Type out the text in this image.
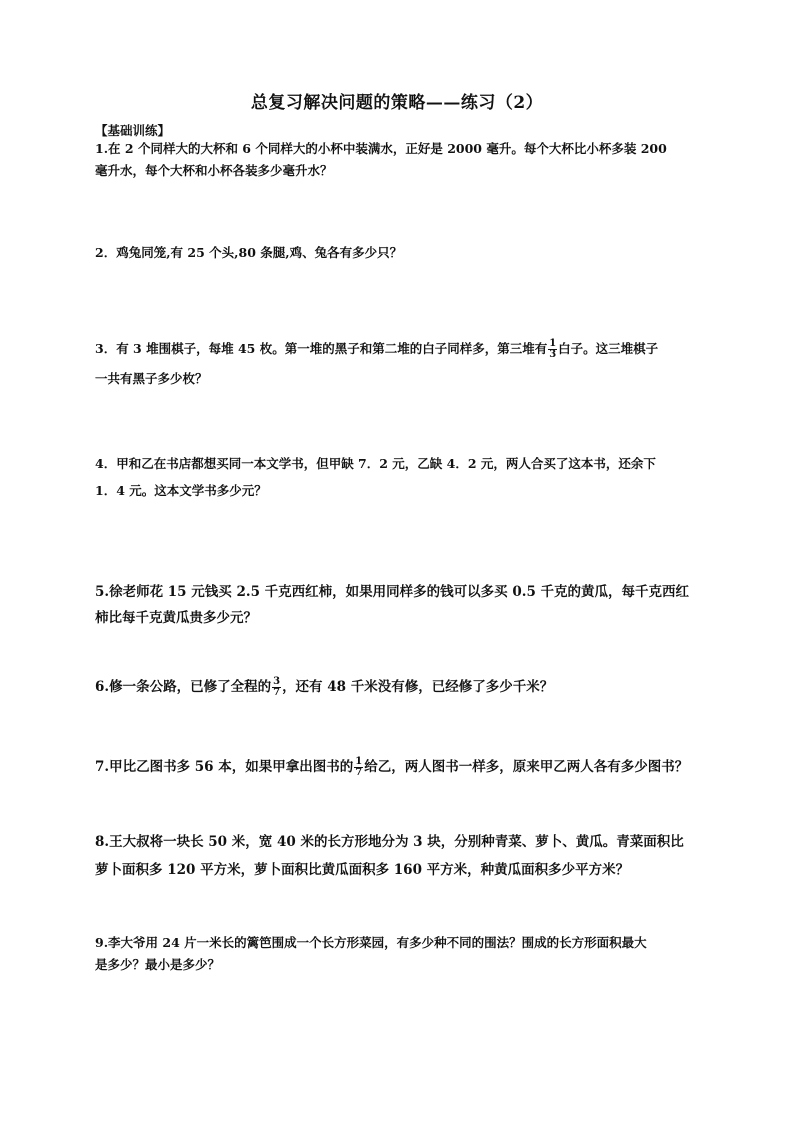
总复习解决问题的策略——练习（2）
【基础训练】
1.在 2 个同样大的大杯和 6 个同样大的小杯中装满水，正好是 2000 毫升。每个大杯比小杯多装 200
毫升水，每个大杯和小杯各装多少毫升水？
2．鸡兔同笼,有 25 个头,80 条腿,鸡、兔各有多少只？
3．有 3 堆围棋子，每堆 45 枚。第一堆的黑子和第二堆的白子同样多，第三堆有 $\frac{1}{3}$ 白子。这三堆棋子
一共有黑子多少枚？
4．甲和乙在书店都想买同一本文学书，但甲缺 7．2 元，乙缺 4．2 元，两人合买了这本书，还余下
1．4 元。这本文学书多少元？
5.徐老师花 15 元钱买 2.5 千克西红柿，如果用同样多的钱可以多买 0.5 千克的黄瓜，每千克西红
柿比每千克黄瓜贵多少元？
6.修一条公路，已修了全程的 $\frac{3}{7}$ ，还有 48 千米没有修，已经修了多少千米？
7.甲比乙图书多 56 本，如果甲拿出图书的 $\frac{1}{7}$ 给乙，两人图书一样多，原来甲乙两人各有多少图书？
8.王大叔将一块长 50 米，宽 40 米的长方形地分为 3 块，分别种青菜、萝卜、黄瓜。青菜面积比
萝卜面积多 120 平方米，萝卜面积比黄瓜面积多 160 平方米，种黄瓜面积多少平方米？
9.李大爷用 24 片一米长的篱笆围成一个长方形菜园，有多少种不同的围法？围成的长方形面积最大
是多少？最小是多少？
